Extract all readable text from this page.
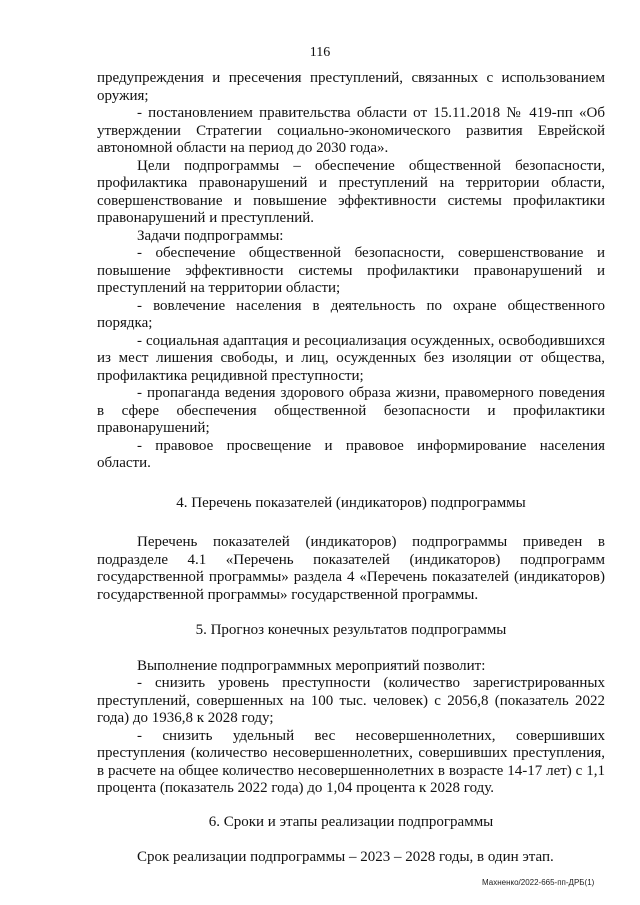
116

предупреждения и пресечения преступлений, связанных с использованием оружия;

- постановлением правительства области от 15.11.2018 № 419-пп «Об утверждении Стратегии социально-экономического развития Еврейской автономной области на период до 2030 года».

Цели подпрограммы – обеспечение общественной безопасности, профилактика правонарушений и преступлений на территории области, совершенствование и повышение эффективности системы профилактики правонарушений и преступлений.

Задачи подпрограммы:

- обеспечение общественной безопасности, совершенствование и повышение эффективности системы профилактики правонарушений и преступлений на территории области;

- вовлечение населения в деятельность по охране общественного порядка;

- социальная адаптация и ресоциализация осужденных, освободившихся из мест лишения свободы, и лиц, осужденных без изоляции от общества, профилактика рецидивной преступности;

- пропаганда ведения здорового образа жизни, правомерного поведения в сфере обеспечения общественной безопасности и профилактики правонарушений;

- правовое просвещение и правовое информирование населения области.

4. Перечень показателей (индикаторов) подпрограммы

Перечень показателей (индикаторов) подпрограммы приведен в подразделе 4.1 «Перечень показателей (индикаторов) подпрограмм государственной программы» раздела 4 «Перечень показателей (индикаторов) государственной программы» государственной программы.

5. Прогноз конечных результатов подпрограммы

Выполнение подпрограммных мероприятий позволит:

- снизить уровень преступности (количество зарегистрированных преступлений, совершенных на 100 тыс. человек) с 2056,8 (показатель 2022 года) до 1936,8 к 2028 году;

- снизить удельный вес несовершеннолетних, совершивших преступления (количество несовершеннолетних, совершивших преступления, в расчете на общее количество несовершеннолетних в возрасте 14-17 лет) с 1,1 процента (показатель 2022 года) до 1,04 процента к 2028 году.

6. Сроки и этапы реализации подпрограммы

Срок реализации подпрограммы – 2023 – 2028 годы, в один этап.

Махненко/2022-665-пп-ДРБ(1)
